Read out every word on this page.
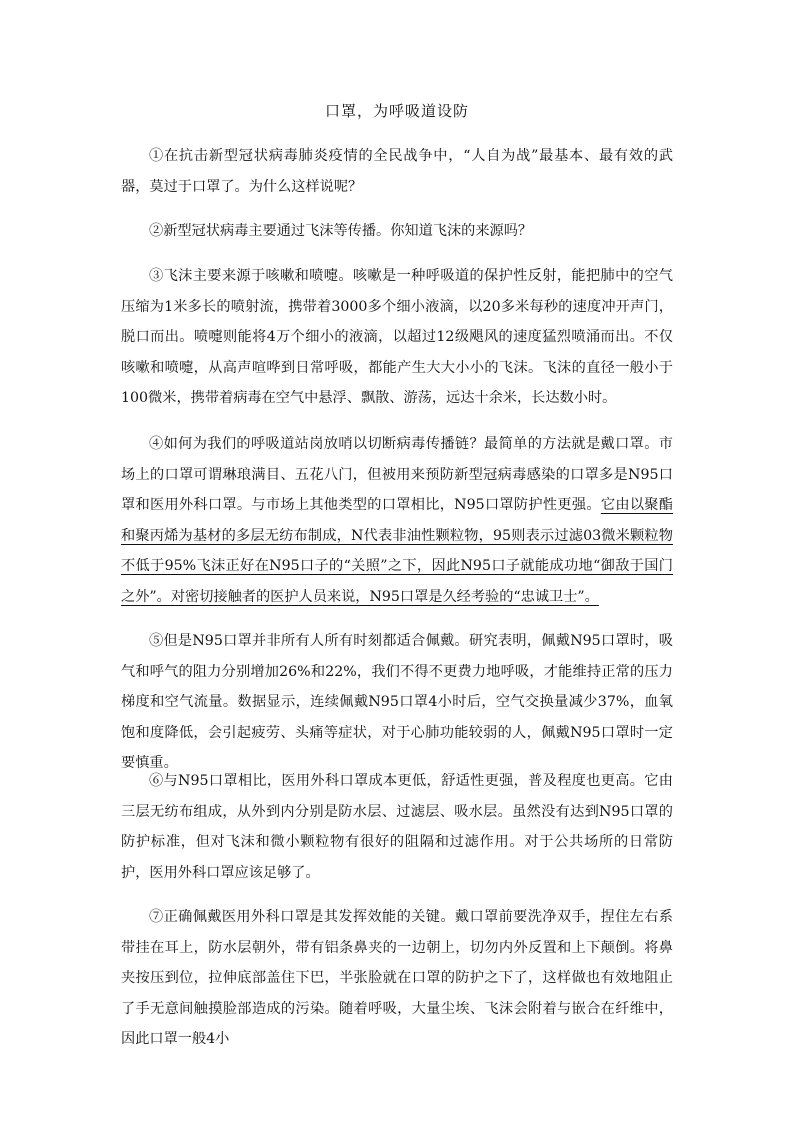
口罩，为呼吸道设防

①在抗击新型冠状病毒肺炎疫情的全民战争中，“人自为战”最基本、最有效的武器，莫过于口罩了。为什么这样说呢？

②新型冠状病毒主要通过飞沫等传播。你知道飞沫的来源吗？

③飞沫主要来源于咳嗽和喷嚏。咳嗽是一种呼吸道的保护性反射，能把肺中的空气压缩为1米多长的喷射流，携带着3000多个细小液滴，以20多米每秒的速度冲开声门，脱口而出。喷嚏则能将4万个细小的液滴，以超过12级飓风的速度猛烈喷涌而出。不仅咳嗽和喷嚏，从高声喧哗到日常呼吸，都能产生大大小小的飞沫。飞沫的直径一般小于100微米，携带着病毒在空气中悬浮、飘散、游荡，远达十余米，长达数小时。

④如何为我们的呼吸道站岗放哨以切断病毒传播链？最简单的方法就是戴口罩。市场上的口罩可谓琳琅满目、五花八门，但被用来预防新型冠病毒感染的口罩多是N95口罩和医用外科口罩。与市场上其他类型的口罩相比，N95口罩防护性更强。它由以聚酯和聚丙烯为基材的多层无纺布制成，N代表非油性颗粒物，95则表示过滤03微米颗粒物不低于95%飞沫正好在N95口子的“关照”之下，因此N95口子就能成功地“御敌于国门之外”。对密切接触者的医护人员来说，N95口罩是久经考验的“忠诚卫士”。

⑤但是N95口罩并非所有人所有时刻都适合佩戴。研究表明，佩戴N95口罩时，吸气和呼气的阻力分别增加26%和22%，我们不得不更费力地呼吸，才能维持正常的压力梯度和空气流量。数据显示，连续佩戴N95口罩4小时后，空气交换量减少37%，血氧饱和度降低，会引起疲劳、头痛等症状，对于心肺功能较弱的人，佩戴N95口罩时一定要慎重。

⑥与N95口罩相比，医用外科口罩成本更低，舒适性更强，普及程度也更高。它由三层无纺布组成，从外到内分别是防水层、过滤层、吸水层。虽然没有达到N95口罩的防护标准，但对飞沫和微小颗粒物有很好的阻隔和过滤作用。对于公共场所的日常防护，医用外科口罩应该足够了。

⑦正确佩戴医用外科口罩是其发挥效能的关键。戴口罩前要洗净双手，捏住左右系带挂在耳上，防水层朝外，带有铝条鼻夹的一边朝上，切勿内外反置和上下颠倒。将鼻夹按压到位，拉伸底部盖住下巴，半张脸就在口罩的防护之下了，这样做也有效地阻止了手无意间触摸脸部造成的污染。随着呼吸，大量尘埃、飞沫会附着与嵌合在纤维中，因此口罩一般4小
